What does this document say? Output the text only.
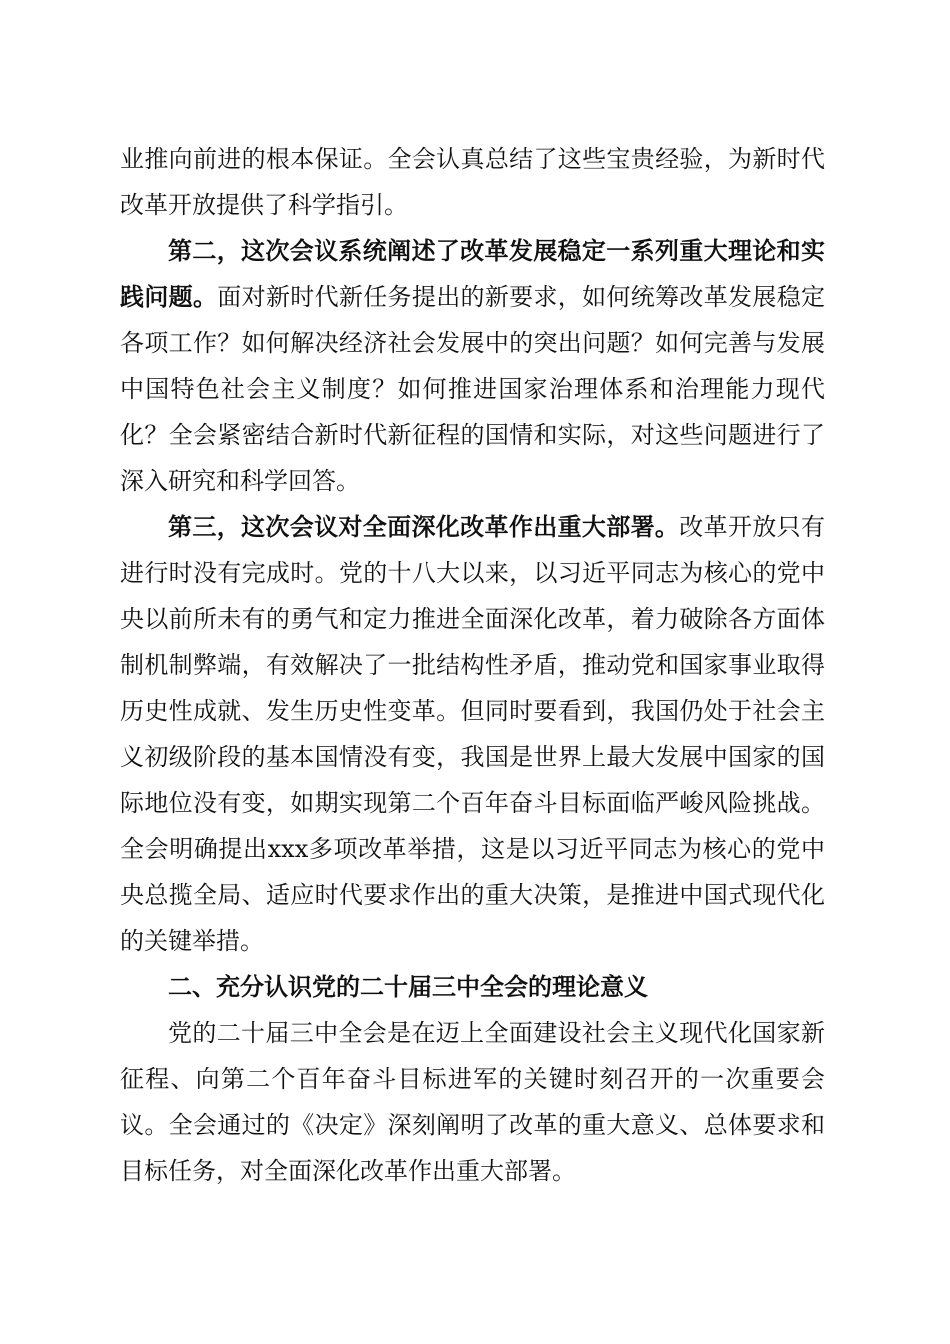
业推向前进的根本保证。全会认真总结了这些宝贵经验，为新时代改革开放提供了科学指引。

第二，这次会议系统阐述了改革发展稳定一系列重大理论和实践问题。面对新时代新任务提出的新要求，如何统筹改革发展稳定各项工作？如何解决经济社会发展中的突出问题？如何完善与发展中国特色社会主义制度？如何推进国家治理体系和治理能力现代化？全会紧密结合新时代新征程的国情和实际，对这些问题进行了深入研究和科学回答。

第三，这次会议对全面深化改革作出重大部署。改革开放只有进行时没有完成时。党的十八大以来，以习近平同志为核心的党中央以前所未有的勇气和定力推进全面深化改革，着力破除各方面体制机制弊端，有效解决了一批结构性矛盾，推动党和国家事业取得历史性成就、发生历史性变革。但同时要看到，我国仍处于社会主义初级阶段的基本国情没有变，我国是世界上最大发展中国家的国际地位没有变，如期实现第二个百年奋斗目标面临严峻风险挑战。全会明确提出xxx多项改革举措，这是以习近平同志为核心的党中央总揽全局、适应时代要求作出的重大决策，是推进中国式现代化的关键举措。

二、充分认识党的二十届三中全会的理论意义

党的二十届三中全会是在迈上全面建设社会主义现代化国家新征程、向第二个百年奋斗目标进军的关键时刻召开的一次重要会议。全会通过的《决定》深刻阐明了改革的重大意义、总体要求和目标任务，对全面深化改革作出重大部署。
